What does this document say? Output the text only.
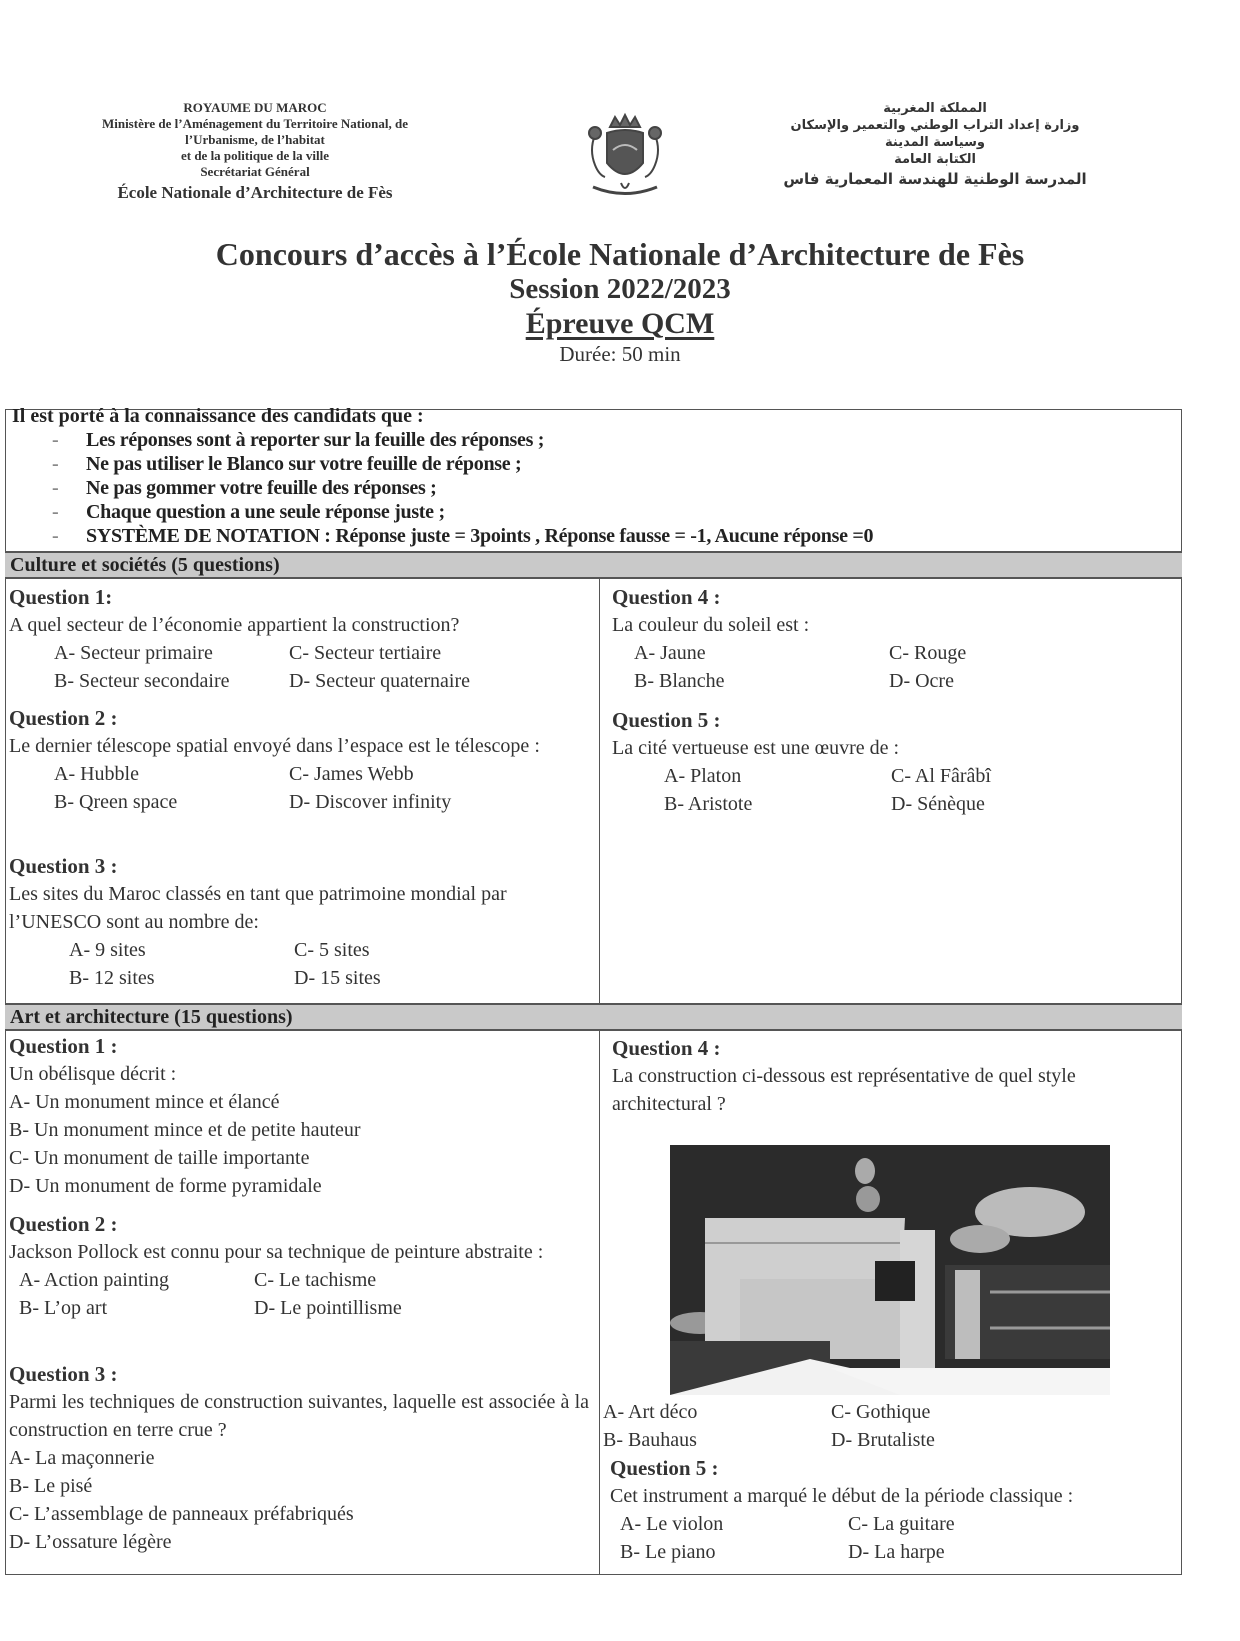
ROYAUME DU MAROC
Ministère de l’Aménagement du Territoire National, de
l’Urbanisme, de l’habitat
et de la politique de la ville
Secrétariat Général
École Nationale d’Architecture de Fès
المملكة المغربية
وزارة إعداد التراب الوطني والتعمير والإسكان
وسياسة المدينة
الكتابة العامة
المدرسة الوطنية للهندسة المعمارية فاس
Concours d’accès à l’École Nationale d’Architecture de Fès
Session 2022/2023
Épreuve QCM
Durée: 50 min
Il est porté à la connaissance des candidats que :
- Les réponses sont à reporter sur la feuille des réponses ;
- Ne pas utiliser le Blanco sur votre feuille de réponse ;
- Ne pas gommer votre feuille des réponses ;
- Chaque question a une seule réponse juste ;
- SYSTÈME DE NOTATION : Réponse juste = 3points , Réponse fausse = -1, Aucune réponse =0
Culture et sociétés (5 questions)
Question 1:
A quel secteur de l’économie appartient la construction?
A- Secteur primaire	C- Secteur tertiaire
B- Secteur secondaire	D- Secteur quaternaire
Question 2 :
Le dernier télescope spatial envoyé dans l’espace est le télescope :
A- Hubble	C- James Webb
B- Qreen space	D- Discover infinity
Question 3 :
Les sites du Maroc classés en tant que patrimoine mondial par l’UNESCO sont au nombre de:
A- 9 sites	C- 5 sites
B- 12 sites	D- 15 sites
Question 4 :
La couleur du soleil est :
A- Jaune	C- Rouge
B- Blanche	D- Ocre
Question 5 :
La cité vertueuse est une œuvre de :
A- Platon	C- Al Fârâbî
B- Aristote	D- Sénèque
Art et architecture (15 questions)
Question 1 :
Un obélisque décrit :
A- Un monument mince et élancé
B- Un monument mince et de petite hauteur
C- Un monument de taille importante
D- Un monument de forme pyramidale
Question 2 :
Jackson Pollock est connu pour sa technique de peinture abstraite :
A- Action painting	C- Le tachisme
B- L’op art	D- Le pointillisme
Question 3 :
Parmi les techniques de construction suivantes, laquelle est associée à la construction en terre crue ?
A- La maçonnerie
B- Le pisé
C- L’assemblage de panneaux préfabriqués
D- L’ossature légère
Question 4 :
La construction ci-dessous est représentative de quel style architectural ?
A- Art déco	C- Gothique
B- Bauhaus	D- Brutaliste
Question 5 :
Cet instrument a marqué le début de la période classique :
A- Le violon	C- La guitare
B- Le piano	D- La harpe
